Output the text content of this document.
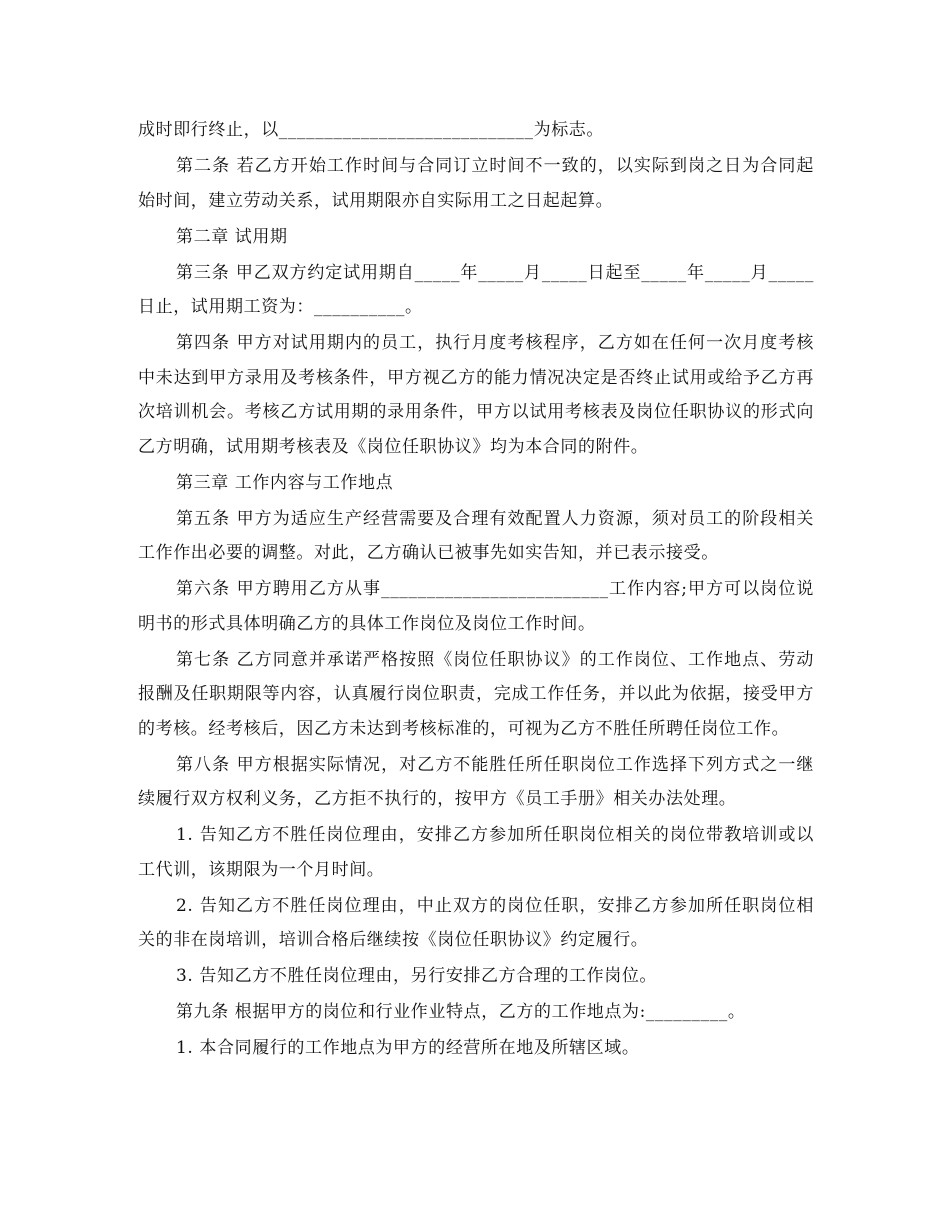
成时即行终止，以____________________________为标志。

第二条 若乙方开始工作时间与合同订立时间不一致的，以实际到岗之日为合同起始时间，建立劳动关系，试用期限亦自实际用工之日起起算。

第二章 试用期

第三条 甲乙双方约定试用期自_____年_____月_____日起至_____年_____月_____日止，试用期工资为：__________。

第四条 甲方对试用期内的员工，执行月度考核程序，乙方如在任何一次月度考核中未达到甲方录用及考核条件，甲方视乙方的能力情况决定是否终止试用或给予乙方再次培训机会。考核乙方试用期的录用条件，甲方以试用考核表及岗位任职协议的形式向乙方明确，试用期考核表及《岗位任职协议》均为本合同的附件。

第三章 工作内容与工作地点

第五条 甲方为适应生产经营需要及合理有效配置人力资源，须对员工的阶段相关工作作出必要的调整。对此，乙方确认已被事先如实告知，并已表示接受。

第六条 甲方聘用乙方从事_________________________工作内容;甲方可以岗位说明书的形式具体明确乙方的具体工作岗位及岗位工作时间。

第七条 乙方同意并承诺严格按照《岗位任职协议》的工作岗位、工作地点、劳动报酬及任职期限等内容，认真履行岗位职责，完成工作任务，并以此为依据，接受甲方的考核。经考核后，因乙方未达到考核标准的，可视为乙方不胜任所聘任岗位工作。

第八条 甲方根据实际情况，对乙方不能胜任所任职岗位工作选择下列方式之一继续履行双方权利义务，乙方拒不执行的，按甲方《员工手册》相关办法处理。

1. 告知乙方不胜任岗位理由，安排乙方参加所任职岗位相关的岗位带教培训或以工代训，该期限为一个月时间。

2. 告知乙方不胜任岗位理由，中止双方的岗位任职，安排乙方参加所任职岗位相关的非在岗培训，培训合格后继续按《岗位任职协议》约定履行。

3. 告知乙方不胜任岗位理由，另行安排乙方合理的工作岗位。

第九条 根据甲方的岗位和行业作业特点，乙方的工作地点为:_________。

1. 本合同履行的工作地点为甲方的经营所在地及所辖区域。
